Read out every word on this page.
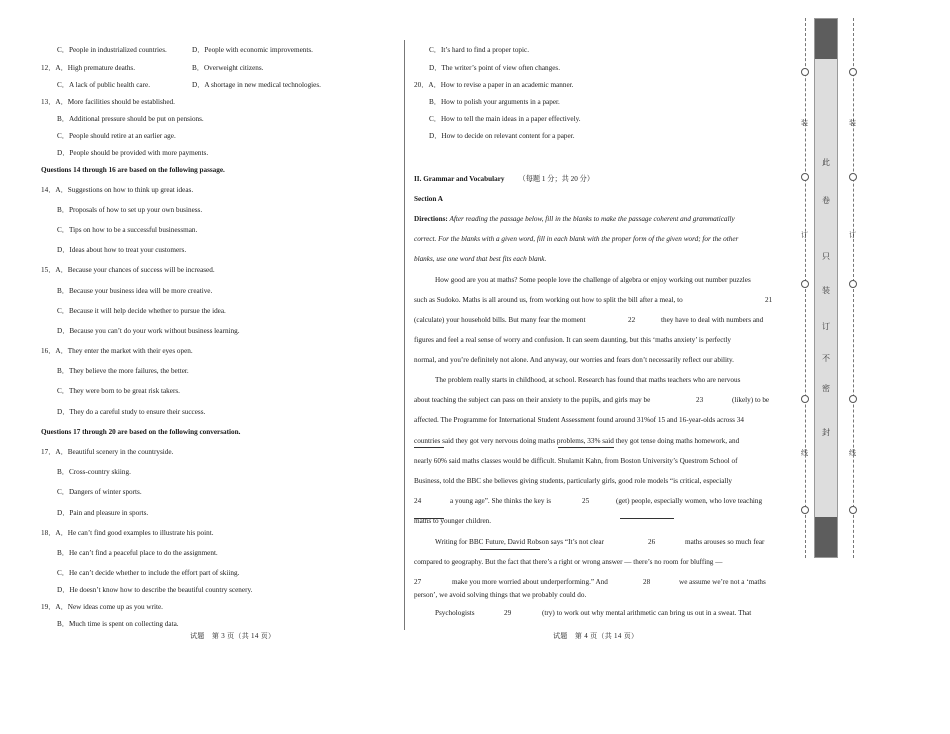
C．People in industrialized countries.	D．People with economic improvements.
12．A．High premature deaths.	B．Overweight citizens.
C．A lack of public health care.	D．A shortage in new medical technologies.
13．A．More facilities should be established.
B．Additional pressure should be put on pensions.
C．People should retire at an earlier age.
D．People should be provided with more payments.
Questions 14 through 16 are based on the following passage.
14．A．Suggestions on how to think up great ideas.
B．Proposals of how to set up your own business.
C．Tips on how to be a successful businessman.
D．Ideas about how to treat your customers.
15．A．Because your chances of success will be increased.
B．Because your business idea will be more creative.
C．Because it will help decide whether to pursue the idea.
D．Because you can’t do your work without business learning.
16．A．They enter the market with their eyes open.
B．They believe the more failures, the better.
C．They were born to be great risk takers.
D．They do a careful study to ensure their success.
Questions 17 through 20 are based on the following conversation.
17．A．Beautiful scenery in the countryside.
B．Cross-country skiing.
C．Dangers of winter sports.
D．Pain and pleasure in sports.
18．A．He can’t find good examples to illustrate his point.
B．He can’t find a peaceful place to do the assignment.
C．He can’t decide whether to include the effort part of skiing.
D．He doesn’t know how to describe the beautiful country scenery.
19．A．New ideas come up as you write.
B．Much time is spent on collecting data.
试题　第 3 页（共 14 页）
C．It’s hard to find a proper topic.
D．The writer’s point of view often changes.
20．A．How to revise a paper in an academic manner.
B．How to polish your arguments in a paper.
C．How to tell the main ideas in a paper effectively.
D．How to decide on relevant content for a paper.
II. Grammar and Vocabulary （每题 1 分；共 20 分）
Section A
Directions: After reading the passage below, fill in the blanks to make the passage coherent and grammatically
correct. For the blanks with a given word, fill in each blank with the proper form of the given word; for the other
blanks, use one word that best fits each blank.
How good are you at maths? Some people love the challenge of algebra or enjoy working out number puzzles
such as Sudoko. Maths is all around us, from working out how to split the bill after a meal, to	21
(calculate) your household bills. But many fear the moment	22	they have to deal with numbers and
figures and feel a real sense of worry and confusion. It can seem daunting, but this ‘maths anxiety’ is perfectly
normal, and you’re definitely not alone. And anyway, our worries and fears don’t necessarily reflect our ability.
The problem really starts in childhood, at school. Research has found that maths teachers who are nervous
about teaching the subject can pass on their anxiety to the pupils, and girls may be	23	(likely) to be
affected. The Programme for International Student Assessment found around 31%of 15 and 16-year-olds across 34
countries said they got very nervous doing maths problems, 33% said they got tense doing maths homework, and
nearly 60% said maths classes would be difficult. Shulamit Kahn, from Boston University’s Questrom School of
Business, told the BBC she believes giving students, particularly girls, good role models “is critical, especially
24	a young age”. She thinks the key is	25	(get) people, especially women, who love teaching
maths to younger children.
Writing for BBC Future, David Robson says “It’s not clear	26	maths arouses so much fear
compared to geography. But the fact that there’s a right or wrong answer — there’s no room for bluffing —
27	make you more worried about underperforming.” And	28	we assume we’re not a ‘maths
person’, we avoid solving things that we probably could do.
Psychologists	29	(try) to work out why mental arithmetic can bring us out in a sweat. That
试题　第 4 页（共 14 页）
此
卷
只
装
订
不
密
封
装
订
线
装
订
线
